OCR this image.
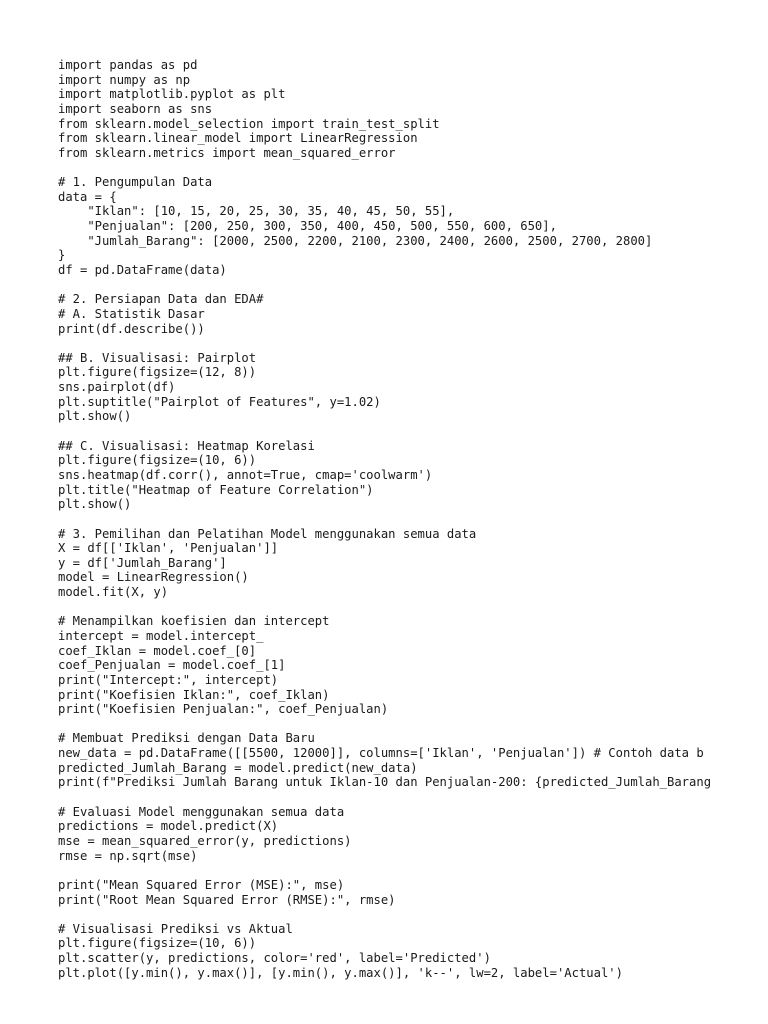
import pandas as pd
import numpy as np
import matplotlib.pyplot as plt
import seaborn as sns
from sklearn.model_selection import train_test_split
from sklearn.linear_model import LinearRegression
from sklearn.metrics import mean_squared_error
# 1. Pengumpulan Data
data = {
"Iklan": [10, 15, 20, 25, 30, 35, 40, 45, 50, 55],
"Penjualan": [200, 250, 300, 350, 400, 450, 500, 550, 600, 650],
"Jumlah_Barang": [2000, 2500, 2200, 2100, 2300, 2400, 2600, 2500, 2700, 2800]
}
df = pd.DataFrame(data)
# 2. Persiapan Data dan EDA#
# A. Statistik Dasar
print(df.describe())
## B. Visualisasi: Pairplot
plt.figure(figsize=(12, 8))
sns.pairplot(df)
plt.suptitle("Pairplot of Features", y=1.02)
plt.show()
## C. Visualisasi: Heatmap Korelasi
plt.figure(figsize=(10, 6))
sns.heatmap(df.corr(), annot=True, cmap='coolwarm')
plt.title("Heatmap of Feature Correlation")
plt.show()
# 3. Pemilihan dan Pelatihan Model menggunakan semua data
X = df[['Iklan', 'Penjualan']]
y = df['Jumlah_Barang']
model = LinearRegression()
model.fit(X, y)
# Menampilkan koefisien dan intercept
intercept = model.intercept_
coef_Iklan = model.coef_[0]
coef_Penjualan = model.coef_[1]
print("Intercept:", intercept)
print("Koefisien Iklan:", coef_Iklan)
print("Koefisien Penjualan:", coef_Penjualan)
# Membuat Prediksi dengan Data Baru
new_data = pd.DataFrame([[5500, 12000]], columns=['Iklan', 'Penjualan']) # Contoh data b
predicted_Jumlah_Barang = model.predict(new_data)
print(f"Prediksi Jumlah Barang untuk Iklan-10 dan Penjualan-200: {predicted_Jumlah_Barang
# Evaluasi Model menggunakan semua data
predictions = model.predict(X)
mse = mean_squared_error(y, predictions)
rmse = np.sqrt(mse)
print("Mean Squared Error (MSE):", mse)
print("Root Mean Squared Error (RMSE):", rmse)
# Visualisasi Prediksi vs Aktual
plt.figure(figsize=(10, 6))
plt.scatter(y, predictions, color='red', label='Predicted')
plt.plot([y.min(), y.max()], [y.min(), y.max()], 'k--', lw=2, label='Actual')
